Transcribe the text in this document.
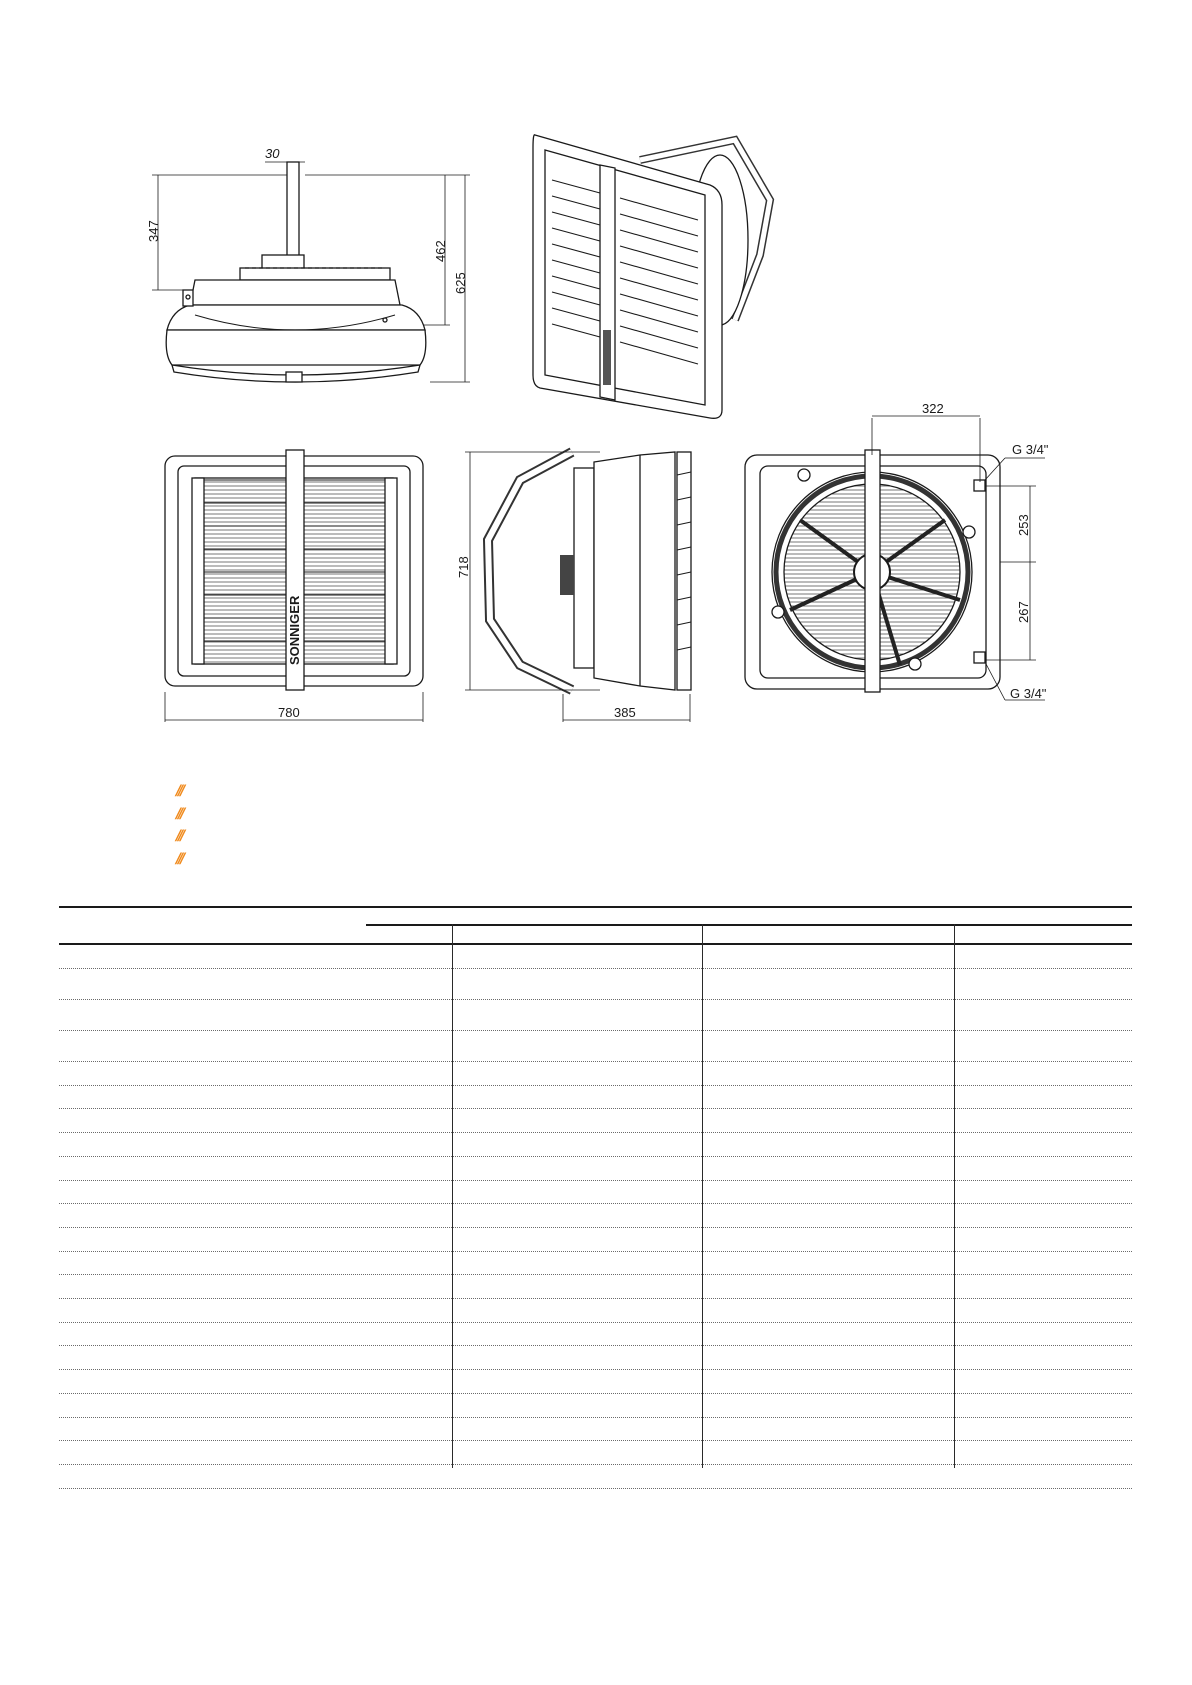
30
347
462
625
SONNIGER
780
718
385
322
253
267
G 3/4"
G 3/4"
///
///
///
///
